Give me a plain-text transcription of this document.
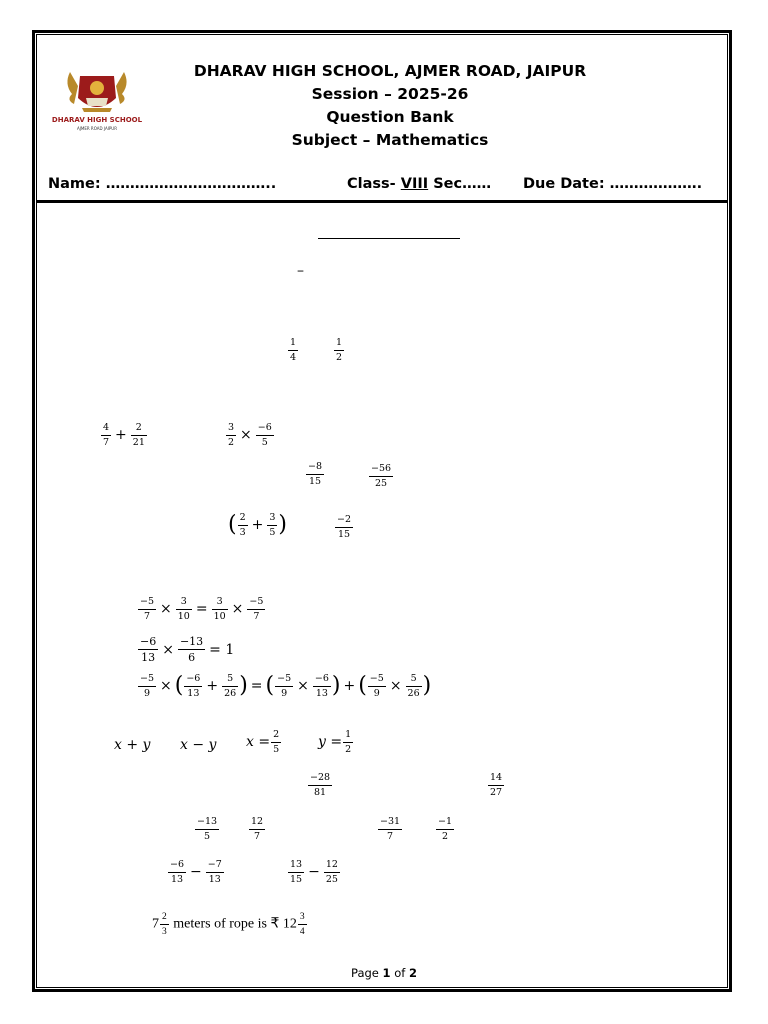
DHARAV HIGH SCHOOL
AJMER ROAD JAIPUR
DHARAV HIGH SCHOOL, AJMER ROAD, JAIPUR
Session – 2025-26
Question Bank
Subject – Mathematics
Name: ……………………………..	Class- VIII Sec…… Due Date: ……………….
–
$\frac{1}{4}$	$\frac{1}{2}$
$\frac{4}{7} + \frac{2}{21}$	$\frac{3}{2} \times \frac{-6}{5}$
$\frac{-8}{15}$	$\frac{-56}{25}$
( $\frac{2}{3} + \frac{3}{5}$ )	$\frac{-2}{15}$
$\frac{-5}{7} \times \frac{3}{10} = \frac{3}{10} \times \frac{-5}{7}$
$\frac{-6}{13} \times \frac{-13}{6} = 1$
$\frac{-5}{9}$ × ( $\frac{-6}{13} + \frac{5}{26}$ ) = ( $\frac{-5}{9} \times \frac{-6}{13}$ ) + ( $\frac{-5}{9} \times \frac{5}{26}$ )
x + y x − y $x = \frac{2}{5}$	$y = \frac{1}{2}$
$\frac{-28}{81}$	$\frac{14}{27}$
$\frac{-13}{5}$	$\frac{12}{7}$	$\frac{-31}{7}$	$\frac{-1}{2}$
$\frac{-6}{13} - \frac{-7}{13}$	$\frac{13}{15} - \frac{12}{25}$
$7 \frac{2}{3}$ meters of rope is ₹ $12 \frac{3}{4}$
Page 1 of 2
